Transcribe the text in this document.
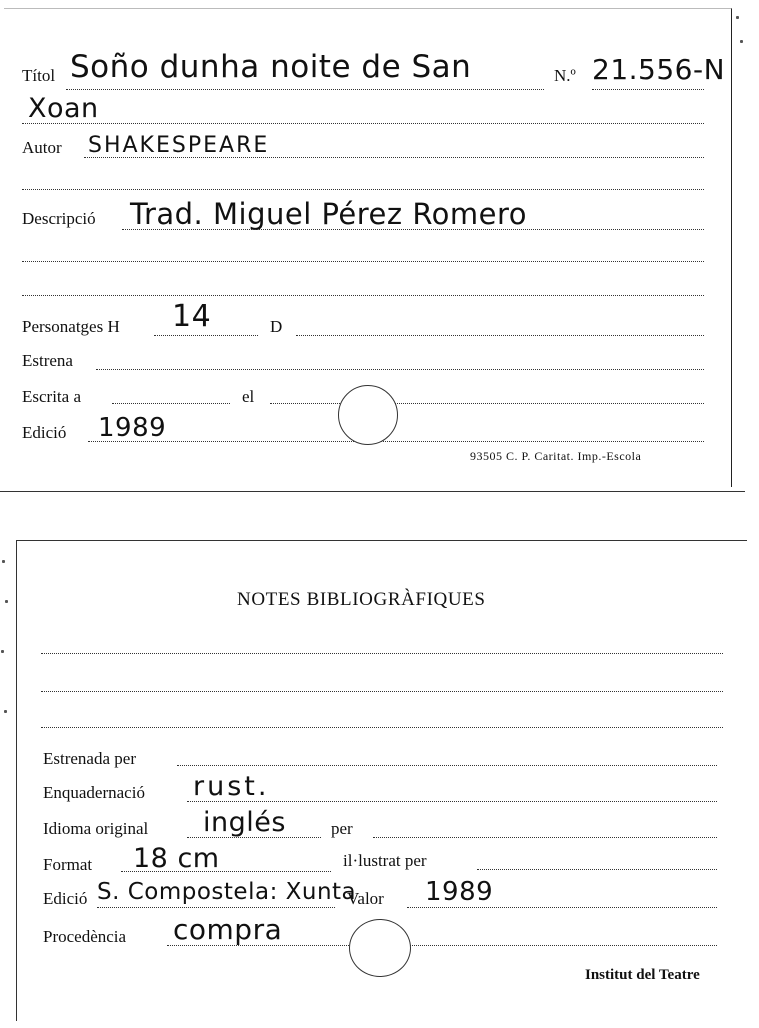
Títol Soño dunha noite de San	N.º 21.556-N
Xoan
Autor SHAKESPEARE
Descripció Trad. Miguel Pérez Romero
Personatges H 14	D
Estrena
Escrita a	el
Edició 1989
93505 C. P. Caritat. Imp.-Escola
NOTES BIBLIOGRÀFIQUES
Estrenada per
Enquadernació rust.
Idioma original inglés	per
Format 18 cm	il·lustrat per
Edició S. Compostela: Xunta
Valor 1989
Procedència compra
Institut del Teatre
